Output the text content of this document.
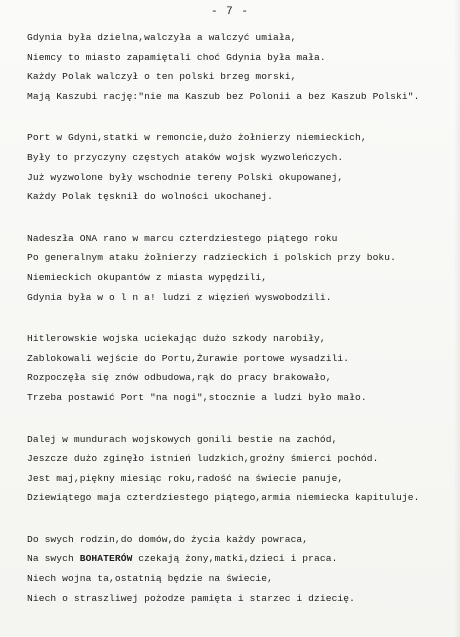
- 7 -
Gdynia była dzielna,walczyła a walczyć umiała,
Niemcy to miasto zapamiętali choć Gdynia była mała.
Każdy Polak walczył o ten polski brzeg morski,
Mają Kaszubi rację:"nie ma Kaszub bez Polonii a bez Kaszub Polski".
Port w Gdyni,statki w remoncie,dużo żołnierzy niemieckich,
Były to przyczyny częstych ataków wojsk wyzwoleńczych.
Już wyzwolone były wschodnie tereny Polski okupowanej,
Każdy Polak tęsknił do wolności ukochanej.
Nadeszła ONA rano w marcu czterdziestego piątego roku
Po generalnym ataku żołnierzy radzieckich i polskich przy boku.
Niemieckich okupantów z miasta wypędzili,
Gdynia była w o l n a! ludzi z więzień wyswobodzili.
Hitlerowskie wojska uciekając dużo szkody narobiły,
Zablokowali wejście do Portu,Żurawie portowe wysadzili.
Rozpoczęła się znów odbudowa,rąk do pracy brakowało,
Trzeba postawić Port "na nogi",stocznie a ludzi było mało.
Dalej w mundurach wojskowych gonili bestie na zachód,
Jeszcze dużo zginęło istnień ludzkich,groźny śmierci pochód.
Jest maj,piękny miesiąc roku,radość na świecie panuje,
Dziewiątego maja czterdziestego piątego,armia niemiecka kapituluje.
Do swych rodzin,do domów,do życia każdy powraca,
Na swych BOHATERÓW czekają żony,matki,dzieci i praca.
Niech wojna ta,ostatnią będzie na świecie,
Niech o straszliwej pożodze pamięta i starzec i dziecię.
